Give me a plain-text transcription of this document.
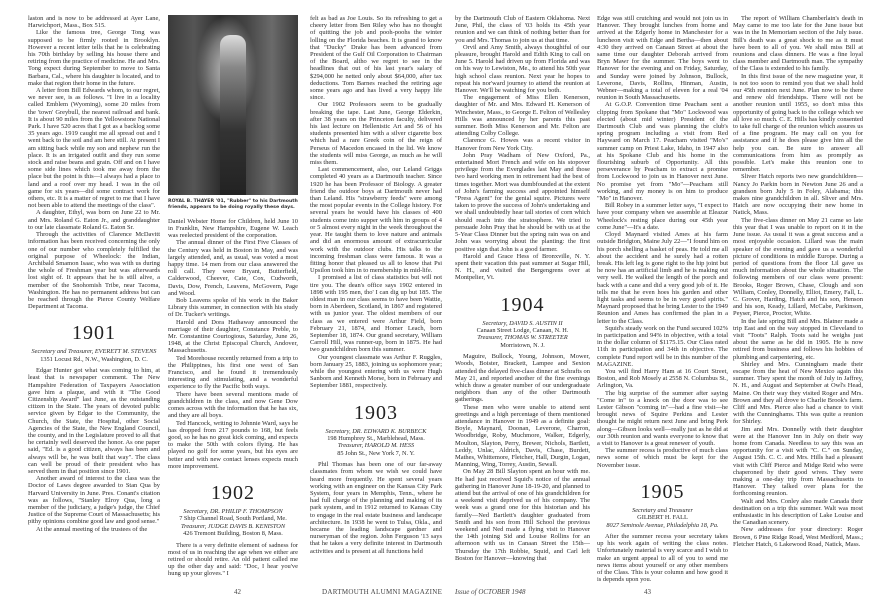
laston and is now to be addressed at Ayer Lane, Harwichport, Mass., Box 515.

Like the famous tree, George Tong was supposed to be firmly rooted in Brooklyn. However a recent letter tells that he is celebrating his 70th birthday by selling his house there and retiring from the practice of medicine. He and Mrs. Tong expect during September to move to Santa Barbara, Cal., where his daughter is located, and to make that region their home in the future.

A letter from Bill Edwards whom, to our regret, we never see, is as follows. "I live in a locality called Emblem (Wyoming), some 20 miles from the 'town' Greybull, the nearest railroad and bank. It is about 90 miles from the Yellowstone National Park. I have 520 acres that I got as a backlog some 35 years ago. 1919 caught me all spread out and I went back to the soil and am here still. At present I am sitting back while my son and nephew run the place. It is an irrigated outfit and they run some stock and raise beans and grain. Off and on I have some side lines which took me away from the place but the point is this—I always had a place to land and a roof over my head. I was in the oil game for six years—did some contract work for others, etc. It is a matter of regret to me that I have not been able to attend the meetings of the class".

A daughter, Ethyl, was born on June 22 to Mr. and Mrs. Roland G. Eaton Jr., and granddaughter to our late classmate Roland G. Eaton Sr.

Through the activities of Clarence McDavitt information has been received concerning the only one of our number who completely fulfilled the original purpose of Wheelock: the Indian, Archibald Smamon Isaac, who was with us during the whole of Freshman year but was afterwards lost sight of. It appears that he is still alive, a member of the Snohomish Tribe, near Tacoma, Washington. He has no permanent address but can be reached through the Pierce County Welfare Department at Tacoma.

1901
Secretary and Treasurer, EVERETT M. STEVENS
1351 Locust Rd., N.W., Washington, D. C.

Edgar Hunter got what was coming to him, at least that is newspaper comment. The New Hampshire Federation of Taxpayers Association gave him a plaque, and with it "The Good Citizenship Award" last June, as the outstanding citizen in the State. The years of devoted public service given by Edgar to the Community, the Church, the State, the Hospital, other Social Agencies of the State, the New England Council, the county, and in the Legislature proved to all that he certainly well deserved the honor. As one paper said, "Ed. is a good citizen, always has been and always will be, he was built that way". The class can well be proud of their president who has served them in that position since 1901.

Another award of interest to the class was the Doctor of Laws degree awarded to Stan Qua by Harvard University in June. Pres. Conant's citation was as follows, "Stanley Elroy Qua, long a member of the judiciary, a judge's judge, the Chief Justice of the Supreme Court of Massachusetts; his pithy opinions combine good law and good sense."

At the annual meeting of the trustees of the

ROYAL B. THAYER '01, "Rubber" to his Dartmouth friends, appears to be doing royally these days.

Daniel Webster Home for Children, held June 10 in Franklin, New Hampshire, Eugene W. Leach was reelected president of the corporation.

The annual dinner of the First Five Classes of the Century was held in Boston in May, and was largely attended, and, as usual, was voted a most happy time. 14 men from our class answered the roll call. They were Bryant, Butterfield, Calderwood, Cheever, Cate, Cox, Cudworth, Davis, Dow, French, Leavens, McGovern, Page and Wood.

Bob Leavens spoke of his work in the Baker Library this summer, in connection with his study of Dr. Tucker's writings.

Harold and Dora Hathaway announced the marriage of their daughter, Constance Preble, to Mr. Constantine Courtogious, Saturday, June 26, 1948, at the Christ Episcopal Church, Andover, Massachusetts.

Ted Morehouse recently returned from a trip to the Philippines, his first one west of San Francisco, and he found it tremendously interesting and stimulating, and a wonderful experience to fly the Pacific both ways.

There have been several mentions made of grandchildren in the class, and now Gene Dow comes across with the information that he has six, and they are all boys.

Ted Hancock, writing to Johnnie Ward, says he has dropped from 217 pounds to 168, but feels good, so he has no great kick coming, and expects to make the 50th with colors flying. He has played no golf for some years, but his eyes are better and with new contact lenses expects much more improvement.

1902
Secretary, DR. PHILIP F. THOMPSON
7 Ship Channel Road, South Portland, Me.
Treasurer, JUDGE DAVIS B. KENISTON
426 Tremont Building, Boston 8, Mass.

There is a very definite element of sadness for most of us in reaching the age when we either are retired or should retire. An old patient called me up the other day and said: "Doc, I hear you've hung up your gloves." I

felt as bad as Joe Louis. So its refreshing to get a cheery letter from Ben Riley who has no thought of quitting the job and pooh-poohs the winter lolling on the Florida beaches. It is grand to know that "Ducky" Drake has been advanced from President of the Gulf Oil Corporation to Chairman of the Board, altho we regret to see in the headlines that out of his last year's salary of $294,000 he netted only about $64,000, after tax deductions. Tom Barnes reached the retiring age some years ago and has lived a very happy life since.

Our 1902 Professors seem to be gradually breaking the tape. Last June, George Elderkin, after 38 years on the Princeton faculty, delivered his last lecture on Hellenistic Art and 56 of his students presented him with a silver cigarette box which had a rare Greek coin of the reign of Perseus of Macedon encased in the lid. We know the students will miss George, as much as he will miss them.

Last commencement, also, our Leland Griggs completed 40 years as a Dartmouth teacher. Since 1920 he has been Professor of Biology. A greater friend the outdoor boys at Dartmouth never had than Leland. His "strawberry feeds" were among the most popular events in the College history. For several years he would have his classes of 400 students come into supper with him in groups of 4 or 5 almost every night in the week throughout the year. He taught them to love nature and animals and did an enormous amount of extracurricular work with the outdoor clubs. His talks to the incoming freshman class were famous. It was a fitting honor that pleased us all to know that Psi Upsilon took him in to membership in mid-life.

I promised a list of class statistics but will not tire you. The dean's office says 1902 entered in 1898 with 195 men, tho' I can dig up but 185. The oldest man in our class seems to have been Wattie, born in Aberdeen, Scotland, in 1867 and registered with us junior year. The oldest members of our class as we entered were Arthur Field, born February 21, 1874, and Homer Leach, born September 18, 1874. Our grand secretary, William Carroll Hill, was runner-up, born in 1875. He had two grandchildren born this summer.

Our youngest classmate was Arthur F. Ruggles, born January 25, 1883, joining us sophomore year; while the youngest entering with us were Hugh Sanborn and Kenneth Morse, born in February and September 1881, respectively.

1903
Secretary, DR. EDWARD K. BURBECK
198 Humphrey St., Marblehead, Mass.
Treasurer, HAROLD M. HESS
85 John St., New York 7, N. Y.

Phil Thomas has been one of our far-away classmates from whom we wish we could have heard more frequently. He spent several years working with an engineer on the Kansas City Park System, four years in Memphis, Tenn., where he had full charge of the planning and making of its park system, and in 1912 returned to Kansas City to engage in the real estate business and landscape architecture. In 1938 he went to Tulsa, Okla., and became the leading landscape gardner and nurseryman of the region. John Ferguson '13 says that he takes a very definite interest in Dartmouth activities and is present at all functions held

by the Dartmouth Club of Eastern Oklahoma. Next June, Phil, the class of '03 holds its 45th year reunion and we can think of nothing better than for you and Mrs. Thomas to join us at that time.

Orvil and Amy Smith, always thoughtful of our pleasure, brought Harold and Edith King to call on June 5. Harold had driven up from Florida and was on his way to Lewiston, Me., to attend his 50th year high school class reunion. Next year he hopes to repeat his nor'ward journey to attend the reunion at Hanover. We'll be watching for you both.

The engagement of Miss Ellen Kenerson, daughter of Mr. and Mrs. Edward H. Kenerson of Winchester, Mass., to George E. Felton of Wellesley Hills was announced by her parents this past summer. Both Miss Kenerson and Mr. Felton are attending Colby College.

Clarence G. Howes was a recent visitor in Hanover from New York City.

John Pray Wadham of New Oxford, Pa., entertained Mort French and wife on his stopover privilege from the Everglades last May and those two hard working men in retirement had the best of times together. Mort was dumbfounded at the extent of John's farming success and appointed himself "Press Agent" for the genial squire. Pictures were taken to prove the success of John's undertaking and we shall undoubtedly hear tall stories of corn which should reach into the stratosphere. We tried to persuade John Pray that he should be with us at the 5-Year Class Dinner but the spring rain was on and John was worrying about the planting: the first positive sign that John is a good farmer.

Harold and Grace Hess of Bronxville, N. Y. spent their vacation this past summer at Sugar Hill, N. H., and visited the Bergengrens over at Montpelier, Vt.

1904
Secretary, DAVID S. AUSTIN II
Canaan Street Lodge, Canaan, N. H.
Treasurer, THOMAS W. STREETER
Morristown, N. J.

Maguire, Bullock, Young, Johnson, Mower, Woods, Boister, Brackett, Lampee and Sexton attended the delayed five-class dinner at Schrafts on May 21, and reported another of the fine evenings which draw a greater number of our undergraduate neighbors than any of the other Dartmouth gatherings.

These men who were unable to attend sent greetings and a high percentage of them mentioned attendance in Hanover in 1949 as a definite goal: Boyle, Maynard, Doonan, Leverone, Charron, Woodbridge, Roby, Muchmore, Walker, Edgerly, Moulton, Slayton, Perry, Brewer, Nichols, Bartlett, Leddy, Unlac, Aldrich, Davis, Chase, Burdett, Mathes, Whittemore, Fletcher, Hall, Durgin, Logan, Manning, Wing, Torrey, Austin, Sewall.

On May 28 Bill Slayton spent an hour with me. He had just received Squid's notice of the annual gathering in Hanover June 18-19-20, and planned to attend but the arrival of one of his grandchildren for a weekend visit deprived us of his company. The week was a grand one for this historian and his family—Ned Bartlett's daughter graduated from Smith and his son from Hill School the previous weekend and Ned made a flying visit to Hanover the 14th joining Sid and Louise Rollins for an afternoon with us in Canaan Street the 15th—Thursday the 17th Robbie, Squid, and Carl left Boston for Hanover—knowing that

Edge was still crutching and would not join us in Hanover. They brought lunches from home and arrived at the Edgerly home in Manchester for a luncheon visit with Edge and Bertha—then about 4:30 they arrived on Canaan Street at about the same time our daughter Deborah arrived from Bryn Mawr for the summer. The boys went to Hanover for the evening and on Friday, Saturday, and Sunday were joined by Johnson, Bullock, Leverone, Davis, Rollins, Hinman, Austin, Webner—making a total of eleven for a real '04 reunion in South Massachusetts.

At G.O.P. Convention time Peacham sent a clipping from Spokane that "Mo" Lockwood was elected (about mid winter) President of the Dartmouth Club and was planning the club's spring program including a visit from Red Hayward on March 17. Peacham visited "Mo's" summer camp on Priest Lake, Idaho, in 1947 also at his Spokane Club and his home in the flourishing suburb of Opportunity. All this perseverance by Peacham to extract a promise from Lockwood to join us in Hanover next June. No promise yet from "Mo"—Peacham still working, and my money is on him to produce "Mo" in Hanover.

Bill Robey in a summer letter says, "I expect to have your company when we assemble at Eleazar Wheelock's resting place during our 45th year come June"—It's a date.

Cloyd Maynard visited Ames at his farm outside Bridgton, Maine July 22—"I found him on his porch shelling a basket of peas. He told me all about the accident and he surely had a rotten break. His left leg is gone right to the hip joint but he now has an artificial limb and he is making out very well. He walked the length of the porch and back with a cane and did a very good job of it. He tells me that he even hoes his garden and other light tasks and seems to be in very good spirits." Maynard proposed that he bring Lester to the 1949 Reunion and Ames has confirmed the plan in a letter to the Class.

Squid's steady work on the Fund secured 102% in participation and 94% in objective, with a total in the dollar column of $1175.15. Our Class rated 11th in participation and 34th in objective. The complete Fund report will be in this number of the MAGAZINE.

You will find Harry Ham at 16 Court Street, Boston, and Rob Mosely at 2558 N. Columbus St., Arlington, Va.

The big surprise of the summer after saying "Come in" to a knock on the door was to see Lester Gibson "coming in"—had a fine visit—he brought news of Squire Perkins and Lester thought he might return next June and bring Perk along—Gibson looks well—really just as he did at our 30th reunion and wants everyone to know that a visit to Hanover is a great renewer of youth.

The summer recess is productive of much class news some of which must be kept for the November issue.

1905
Secretary and Treasurer
GILBERT H. FALL
8027 Seminole Avenue, Philadelphia 18, Pa.

After the summer recess your secretary takes up his work again of writing the class notes. Unfortunately material is very scarce and I wish to make an urgent appeal to all of you to send me news items about yourself or any other members of the Class. This is your column and how good it is depends upon you.

The report of William Chamberlain's death in May came to me too late for the June issue but was in the In Memoriam section of the July issue. Bill's death was a great shock to me as it must have been to all of you. We shall miss Bill at reunions and class dinners. He was a fine loyal class member and Dartmouth man. The sympathy of the Class is extended to his family.

In this first issue of the new magazine year, it is not too soon to remind you that we shall hold our 45th reunion next June. Plan now to be there and renew old friendships. There will not be another reunion until 1955, so don't miss this opportunity of going back to the college which we all love so much. C. E. Hills has kindly consented to take full charge of the reunion which assures us of a fine program. He may call on you for assistance and if he does please give him all the help you can. Be sure to answer all communications from him as promptly as possible. Let's make this reunion one to remember.

Sliver Hatch reports two new grandchildren—Nancy Jo Parkin born in Newton June 26 and a grandson born July 5 in Foley, Alabama; this makes nine grandchildren in all. Sliver and Mrs. Hatch are now occupying their new home in Natick, Mass.

The five-class dinner on May 21 came so late this year that I was unable to report on it in the June issue. As usual it was a great success and a most enjoyable occasion. Lillard was the main speaker of the evening and gave us a wonderful picture of conditions in middle Europe. During a period of questions from the floor Lil gave us much information about the whole situation. The following members of our class were present: Brooks, Roger Brown, Chase, Clough and son William, Conley, Donnelly, Elliot, Emery, Fall, L. C. Grover, Harding, Hatch and his son, Henson and his son, Keady, Lillard, McCabe, Parkinson, Peyser, Pierce, Proctor, White.

In the late spring Bill and Mrs. Blatner made a trip East and on the way stopped in Cleveland to visit "Toots" Ralph. Toots said he weighs just about the same as he did in 1905. He is now retired from business and follows his hobbies of plumbing and carpentering, etc.

Shirley and Mrs. Cunningham made their escape from the heat of New Mexico again this summer. They spent the month of July in Jaffrey, N. H., and August and September at Owl's Head, Maine. On their way they visited Roger and Mrs. Brown and they all drove to Charlie Brook's farm. Cliff and Mrs. Pierce also had a chance to visit with the Cunninghams. This was quite a reunion for Shirley.

Jim and Mrs. Donnelly with their daughter were at the Hanover Inn in July on their way home from Canada. Needless to say this was an opportunity for a visit with "C. C." on Sunday, August 15th. C. C. and Mrs. Hills had a pleasant visit with Cliff Pierce and Midge Reid who were chaperoned by their good wives. They were making a one-day trip from Massachusetts to Hanover. They talked over plans for the forthcoming reunion.

Walt and Mrs. Conley also made Canada their destination on a trip this summer. Walt was most enthusiastic in his description of Lake Louise and the Canadian scenery.

New addresses for your directory: Roger Brown, 6 Pine Ridge Road, West Medford, Mass.; Fletcher Hatch, 6 Lakewood Road, Natick, Mass.

42	DARTMOUTH ALUMNI MAGAZINE Issue of OCTOBER 1948	43
